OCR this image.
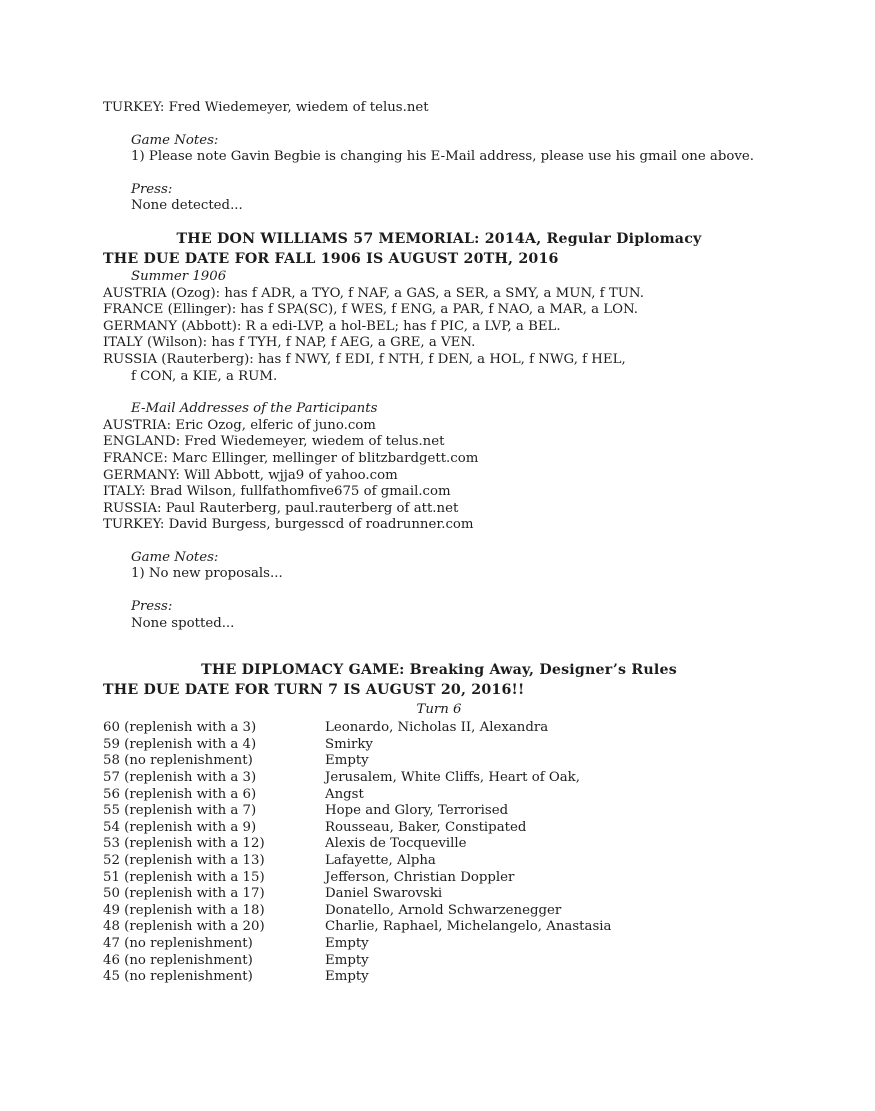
TURKEY: Fred Wiedemeyer, wiedem of telus.net
Game Notes:
1) Please note Gavin Begbie is changing his E-Mail address, please use his gmail one above.
Press:
None detected...
THE DON WILLIAMS 57 MEMORIAL: 2014A, Regular Diplomacy
THE DUE DATE FOR FALL 1906 IS AUGUST 20TH, 2016
Summer 1906
AUSTRIA (Ozog): has f ADR, a TYO, f NAF, a GAS, a SER, a SMY, a MUN, f TUN.
FRANCE (Ellinger): has f SPA(SC), f WES, f ENG, a PAR, f NAO, a MAR, a LON.
GERMANY (Abbott): R a edi-LVP, a hol-BEL; has f PIC, a LVP, a BEL.
ITALY (Wilson): has f TYH, f NAP, f AEG, a GRE, a VEN.
RUSSIA (Rauterberg): has f NWY, f EDI, f NTH, f DEN, a HOL, f NWG, f HEL,
f CON, a KIE, a RUM.
E-Mail Addresses of the Participants
AUSTRIA: Eric Ozog, elferic of juno.com
ENGLAND: Fred Wiedemeyer, wiedem of telus.net
FRANCE: Marc Ellinger, mellinger of blitzbardgett.com
GERMANY: Will Abbott, wjja9 of yahoo.com
ITALY: Brad Wilson, fullfathomfive675 of gmail.com
RUSSIA: Paul Rauterberg, paul.rauterberg of att.net
TURKEY: David Burgess, burgesscd of roadrunner.com
Game Notes:
1) No new proposals...
Press:
None spotted...
THE DIPLOMACY GAME: Breaking Away, Designer’s Rules
THE DUE DATE FOR TURN 7 IS AUGUST 20, 2016!!
Turn 6
60 (replenish with a 3)	Leonardo, Nicholas II, Alexandra
59 (replenish with a 4)	Smirky
58 (no replenishment)	Empty
57 (replenish with a 3)	Jerusalem, White Cliffs, Heart of Oak,
56 (replenish with a 6)	Angst
55 (replenish with a 7)	Hope and Glory, Terrorised
54 (replenish with a 9)	Rousseau, Baker, Constipated
53 (replenish with a 12)	Alexis de Tocqueville
52 (replenish with a 13)	Lafayette, Alpha
51 (replenish with a 15)	Jefferson, Christian Doppler
50 (replenish with a 17)	Daniel Swarovski
49 (replenish with a 18)	Donatello, Arnold Schwarzenegger
48 (replenish with a 20)	Charlie, Raphael, Michelangelo, Anastasia
47 (no replenishment)	Empty
46 (no replenishment)	Empty
45 (no replenishment)	Empty
